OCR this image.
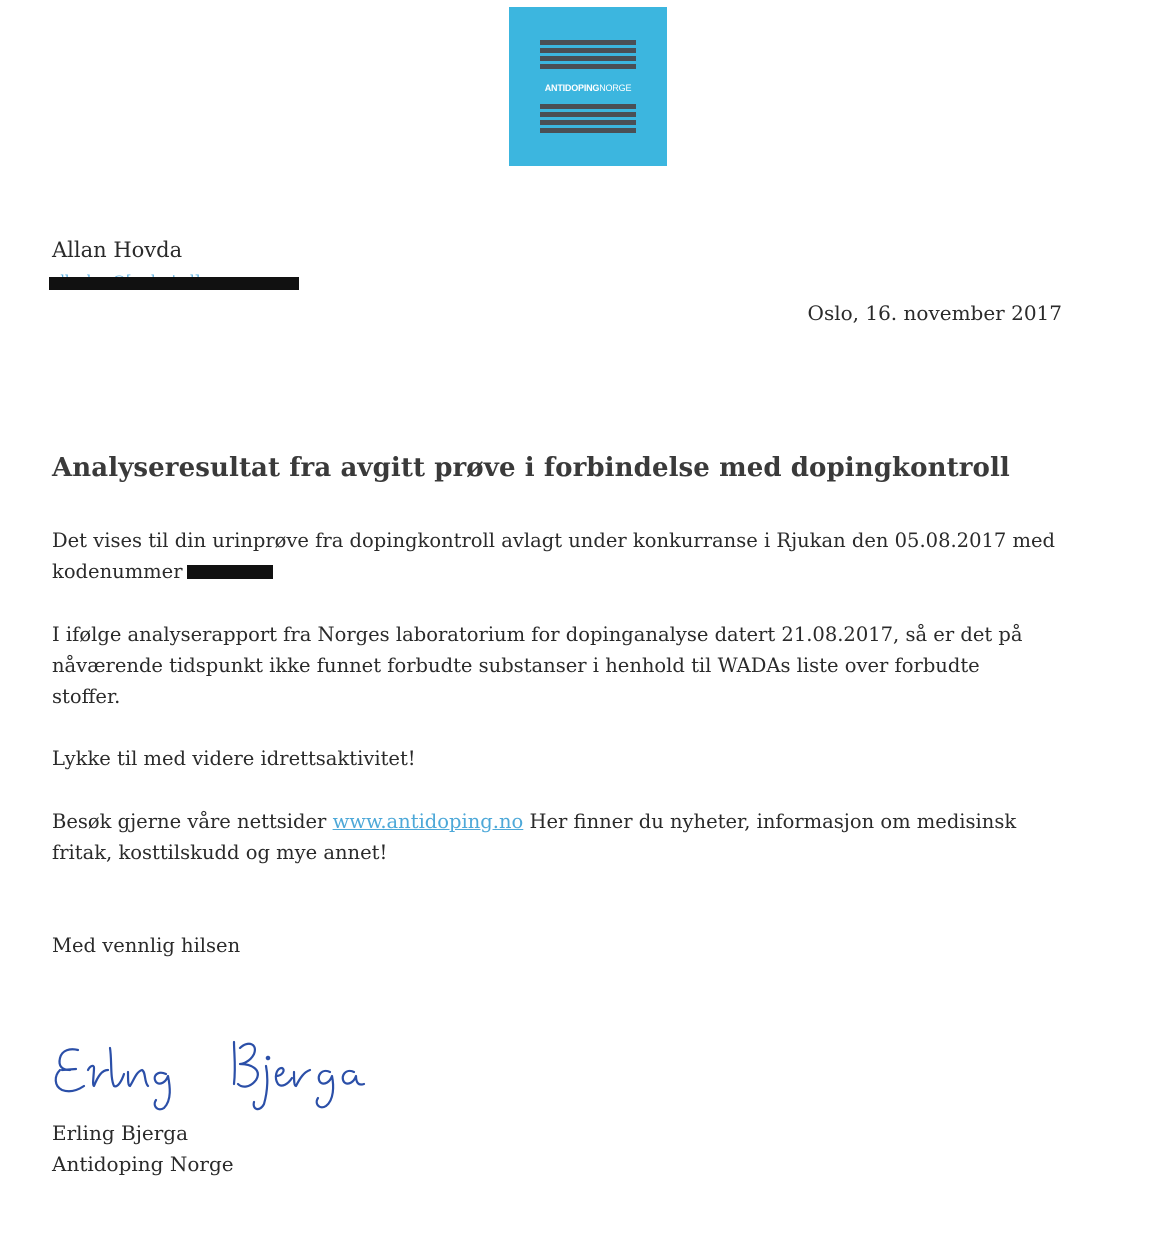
ANTIDOPINGNORGE
Allan Hovda
Oslo, 16. november 2017
Analyseresultat fra avgitt prøve i forbindelse med dopingkontroll

Det vises til din urinprøve fra dopingkontroll avlagt under konkurranse i Rjukan den 05.08.2017 med kodenummer

I ifølge analyserapport fra Norges laboratorium for dopinganalyse datert 21.08.2017, så er det på nåværende tidspunkt ikke funnet forbudte substanser i henhold til WADAs liste over forbudte stoffer.

Lykke til med videre idrettsaktivitet!

Besøk gjerne våre nettsider www.antidoping.no Her finner du nyheter, informasjon om medisinsk fritak, kosttilskudd og mye annet!

Med vennlig hilsen

Erling Bjerga
Antidoping Norge
